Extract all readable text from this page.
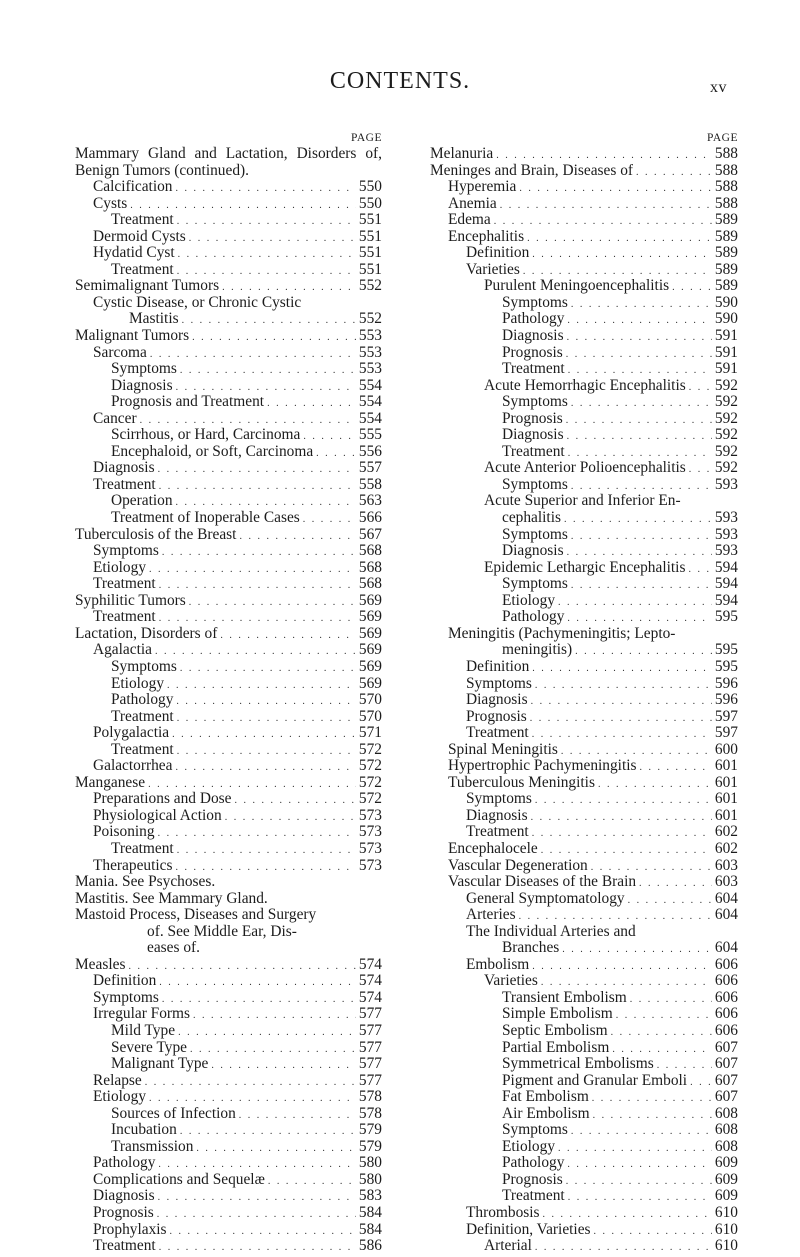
CONTENTS.	xv
PAGE
Mammary Gland and Lactation, Disorders of, Benign Tumors (continued).
Calcification . . .	550
Cysts . . .	550
Treatment . . .	551
Dermoid Cysts . . .	551
Hydatid Cyst . . .	551
Treatment . . .	551
Semimalignant Tumors . . .	552
Cystic Disease, or Chronic Cystic
Mastitis . . .	552
Malignant Tumors . . .	553
Sarcoma . . .	553
Symptoms . . .	553
Diagnosis . . .	554
Prognosis and Treatment . . .	554
Cancer . . .	554
Scirrhous, or Hard, Carcinoma . . .	555
Encephaloid, or Soft, Carcinoma . . .	556
Diagnosis . . .	557
Treatment . . .	558
Operation . . .	563
Treatment of Inoperable Cases . . .	566
Tuberculosis of the Breast . . .	567
Symptoms . . .	568
Etiology . . .	568
Treatment . . .	568
Syphilitic Tumors . . .	569
Treatment . . .	569
Lactation, Disorders of . . .	569
Agalactia . . .	569
Symptoms . . .	569
Etiology . . .	569
Pathology . . .	570
Treatment . . .	570
Polygalactia . . .	571
Treatment . . .	572
Galactorrhea . . .	572
Manganese . . .	572
Preparations and Dose . . .	572
Physiological Action . . .	573
Poisoning . . .	573
Treatment . . .	573
Therapeutics . . .	573
Mania. See Psychoses.
Mastitis. See Mammary Gland.
Mastoid Process, Diseases and Surgery
of. See Middle Ear, Dis-
eases of.
Measles . . .	574
Definition . . .	574
Symptoms . . .	574
Irregular Forms . . .	577
Mild Type . . .	577
Severe Type . . .	577
Malignant Type . . .	577
Relapse . . .	577
Etiology . . .	578
Sources of Infection . . .	578
Incubation . . .	579
Transmission . . .	579
Pathology . . .	580
Complications and Sequelæ . . .	580
Diagnosis . . .	583
Prognosis . . .	584
Prophylaxis . . .	584
Treatment . . .	586
PAGE
Melanuria . . .	588
Meninges and Brain, Diseases of . . .	588
Hyperemia . . .	588
Anemia . . .	588
Edema . . .	589
Encephalitis . . .	589
Definition . . .	589
Varieties . . .	589
Purulent Meningoencephalitis . . .	589
Symptoms . . .	590
Pathology . . .	590
Diagnosis . . .	591
Prognosis . . .	591
Treatment . . .	591
Acute Hemorrhagic Encephalitis . . . 592
Symptoms . . .	592
Prognosis . . .	592
Diagnosis . . .	592
Treatment . . .	592
Acute Anterior Polioencephalitis . . . 592
Symptoms . . .	593
Acute Superior and Inferior En-
cephalitis . . .	593
Symptoms . . .	593
Diagnosis . . .	593
Epidemic Lethargic Encephalitis . . . 594
Symptoms . . .	594
Etiology . . .	594
Pathology . . .	595
Meningitis (Pachymeningitis; Lepto-
meningitis) . . .	595
Definition . . .	595
Symptoms . . .	596
Diagnosis . . .	596
Prognosis . . .	597
Treatment . . .	597
Spinal Meningitis . . .	600
Hypertrophic Pachymeningitis . . .	601
Tuberculous Meningitis . . .	601
Symptoms . . .	601
Diagnosis . . .	601
Treatment . . .	602
Encephalocele . . .	602
Vascular Degeneration . . .	603
Vascular Diseases of the Brain . . .	603
General Symptomatology . . .	604
Arteries . . .	604
The Individual Arteries and
Branches . . .	604
Embolism . . .	606
Varieties . . .	606
Transient Embolism . . .	606
Simple Embolism . . .	606
Septic Embolism . . .	606
Partial Embolism . . .	607
Symmetrical Embolisms . . .	607
Pigment and Granular Emboli . . . 607
Fat Embolism . . .	607
Air Embolism . . .	608
Symptoms . . .	608
Etiology . . .	608
Pathology . . .	609
Prognosis . . .	609
Treatment . . .	609
Thrombosis . . .	610
Definition, Varieties . . .	610
Arterial . . .	610
